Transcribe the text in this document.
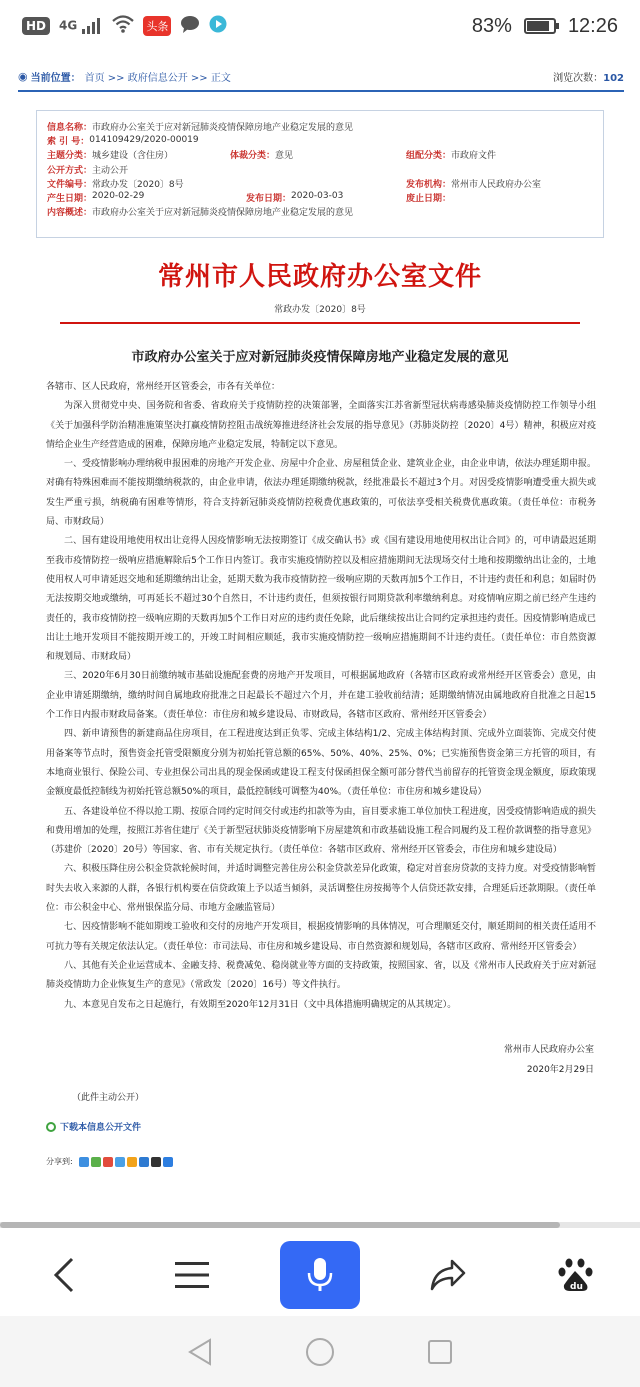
HD	4G	头条	83%	12:26
◉ 当前位置： 首页 >> 政府信息公开 >> 正文	浏览次数：102
信息名称： 市政府办公室关于应对新冠肺炎疫情保障房地产业稳定发展的意见
索 引 号： 014109429/2020-00019
主题分类： 城乡建设（含住房）	体裁分类： 意见	组配分类： 市政府文件
公开方式： 主动公开
文件编号： 常政办发〔2020〕8号	发布机构： 常州市人民政府办公室
产生日期： 2020-02-29	发布日期： 2020-03-03	废止日期：
内容概述： 市政府办公室关于应对新冠肺炎疫情保障房地产业稳定发展的意见
常州市人民政府办公室文件
常政办发〔2020〕8号
市政府办公室关于应对新冠肺炎疫情保障房地产业稳定发展的意见

各辖市、区人民政府，常州经开区管委会，市各有关单位：

为深入贯彻党中央、国务院和省委、省政府关于疫情防控的决策部署，全面落实江苏省新型冠状病毒感染肺炎疫情防控工作领导小组《关于加强科学防治精准施策坚决打赢疫情防控阻击战统筹推进经济社会发展的指导意见》（苏肺炎防控〔2020〕4号）精神，积极应对疫情给企业生产经营造成的困难，保障房地产业稳定发展，特制定以下意见。

一、受疫情影响办理纳税申报困难的房地产开发企业、房屋中介企业、房屋租赁企业、建筑业企业，由企业申请，依法办理延期申报。对确有特殊困难而不能按期缴纳税款的，由企业申请，依法办理延期缴纳税款，经批准最长不超过3个月。对因受疫情影响遭受重大损失或发生严重亏损，纳税确有困难等情形，符合支持新冠肺炎疫情防控税费优惠政策的，可依法享受相关税费优惠政策。（责任单位：市税务局、市财政局）

二、国有建设用地使用权出让竞得人因疫情影响无法按期签订《成交确认书》或《国有建设用地使用权出让合同》的，可申请最迟延期至我市疫情防控一级响应措施解除后5个工作日内签订。我市实施疫情防控以及相应措施期间无法现场交付土地和按期缴纳出让金的，土地使用权人可申请延迟交地和延期缴纳出让金，延期天数为我市疫情防控一级响应期的天数再加5个工作日，不计违约责任和利息；如届时仍无法按期交地或缴纳，可再延长不超过30个自然日，不计违约责任，但须按银行同期贷款利率缴纳利息。对疫情响应期之前已经产生违约责任的，我市疫情防控一级响应期的天数再加5个工作日对应的违约责任免除，此后继续按出让合同约定承担违约责任。因疫情影响造成已出让土地开发项目不能按期开竣工的，开竣工时间相应顺延，我市实施疫情防控一级响应措施期间不计违约责任。（责任单位：市自然资源和规划局、市财政局）

三、2020年6月30日前缴纳城市基础设施配套费的房地产开发项目，可根据属地政府（各辖市区政府或常州经开区管委会）意见，由企业申请延期缴纳，缴纳时间自属地政府批准之日起最长不超过六个月，并在建工验收前结清；延期缴纳情况由属地政府自批准之日起15个工作日内报市财政局备案。（责任单位：市住房和城乡建设局、市财政局，各辖市区政府、常州经开区管委会）

四、新申请预售的新建商品住房项目，在工程进度达到正负零、完成主体结构1/2、完成主体结构封顶、完成外立面装饰、完成交付使用备案等节点时，预售资金托管受限额度分别为初始托管总额的65%、50%、40%、25%、0%；已实施预售资金第三方托管的项目，有本地商业银行、保险公司、专业担保公司出具的现金保函或建设工程支付保函担保全额可部分替代当前留存的托管资金现金额度，原政策现金额度最低控制线为初始托管总额50%的项目，最低控制线可调整为40%。（责任单位：市住房和城乡建设局）

五、各建设单位不得以抢工期、按原合同约定时间交付或违约扣款等为由，盲目要求施工单位加快工程进度，因受疫情影响造成的损失和费用增加的处理，按照江苏省住建厅《关于新型冠状肺炎疫情影响下房屋建筑和市政基础设施工程合同履约及工程价款调整的指导意见》（苏建价〔2020〕20号）等国家、省、市有关规定执行。（责任单位：各辖市区政府、常州经开区管委会，市住房和城乡建设局）

六、积极压降住房公积金贷款轮候时间，并适时调整完善住房公积金贷款差异化政策，稳定对首套房贷款的支持力度。对受疫情影响暂时失去收入来源的人群，各银行机构要在信贷政策上予以适当倾斜，灵活调整住房按揭等个人信贷还款安排，合理延后还款期限。（责任单位：市公积金中心、常州银保监分局、市地方金融监管局）

七、因疫情影响不能如期竣工验收和交付的房地产开发项目，根据疫情影响的具体情况，可合理顺延交付，顺延期间的相关责任适用不可抗力等有关规定依法认定。（责任单位：市司法局、市住房和城乡建设局、市自然资源和规划局，各辖市区政府、常州经开区管委会）

八、其他有关企业运营成本、金融支持、税费减免、稳岗就业等方面的支持政策，按照国家、省，以及《常州市人民政府关于应对新冠肺炎疫情助力企业恢复生产的意见》（常政发〔2020〕16号）等文件执行。

九、本意见自发布之日起施行，有效期至2020年12月31日（文中具体措施明确规定的从其规定）。

常州市人民政府办公室
2020年2月29日
（此件主动公开）
下载本信息公开文件
分享到:
du
